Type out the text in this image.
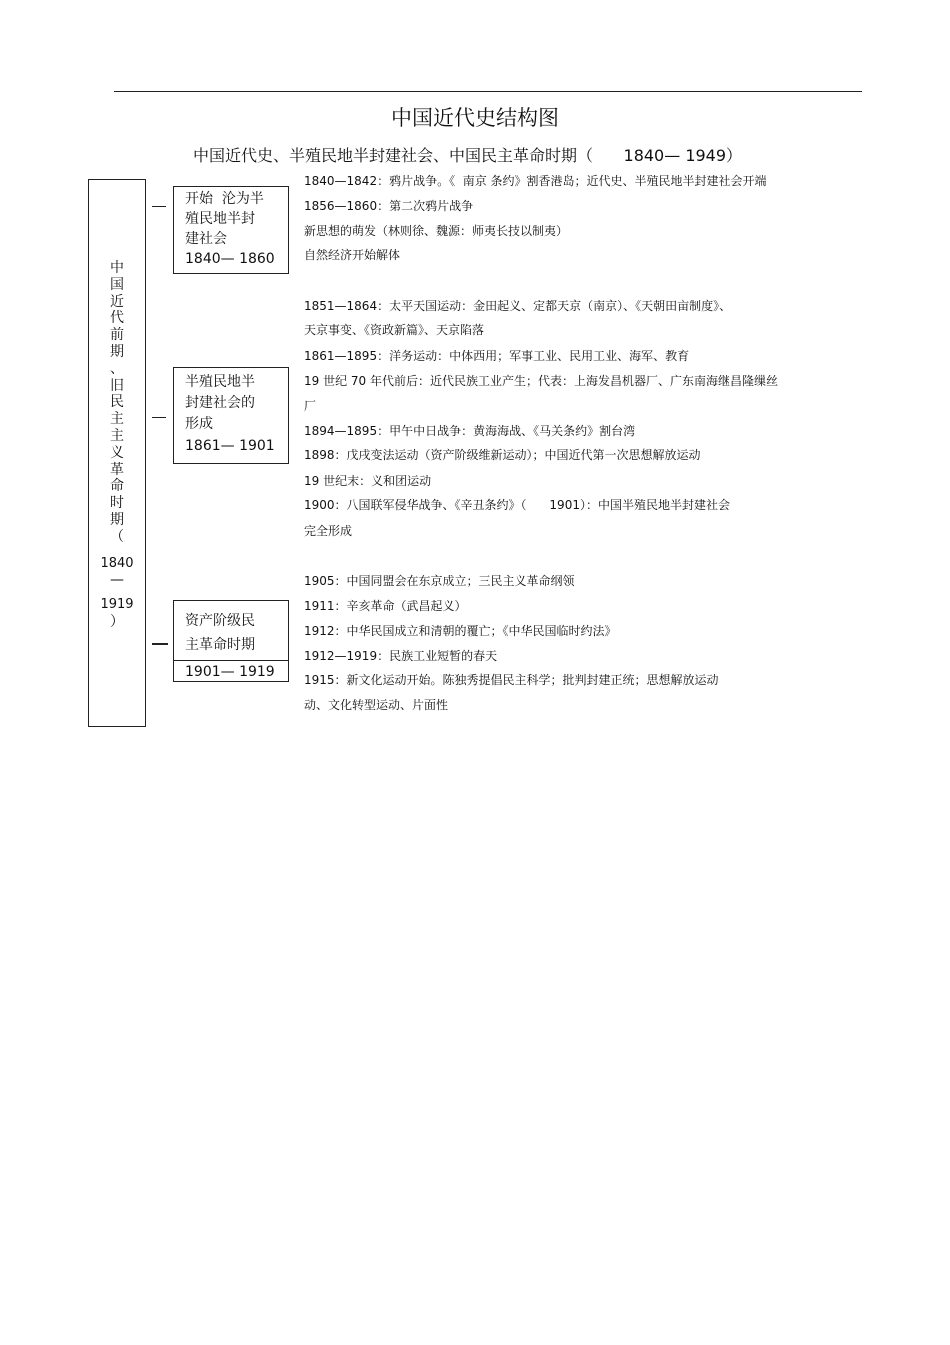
中国近代史结构图
中国近代史、半殖民地半封建社会、中国民主革命时期（      1840— 1949）
中
国
近
代
前
期
、
旧
民
主
主
义
革
命
时
期
（
1840
—
1919
）
开始  沦为半
殖民地半封
建社会
1840— 1860
半殖民地半
封建社会的
形成
1861— 1901
资产阶级民
主革命时期
1901— 1919
1840—1842：鸦片战争。《  南京 条约》割香港岛；近代史、半殖民地半封建社会开端
1856—1860：第二次鸦片战争
新思想的萌发（林则徐、魏源：师夷长技以制夷）
自然经济开始解体
1851—1864：太平天国运动：金田起义、定都天京（南京）、《天朝田亩制度》、
天京事变、《资政新篇》、天京陷落
1861—1895：洋务运动：中体西用；军事工业、民用工业、海军、教育
19 世纪 70 年代前后：近代民族工业产生；代表：上海发昌机器厂、广东南海继昌隆缫丝
厂
1894—1895：甲午中日战争：黄海海战、《马关条约》割台湾
1898：戊戌变法运动（资产阶级维新运动）；中国近代第一次思想解放运动
19 世纪末：义和团运动
1900：八国联军侵华战争、《辛丑条约》（      1901）：中国半殖民地半封建社会
完全形成
1905：中国同盟会在东京成立；三民主义革命纲领
1911：辛亥革命（武昌起义）
1912：中华民国成立和清朝的覆亡；《中华民国临时约法》
1912—1919：民族工业短暂的春天
1915：新文化运动开始。陈独秀提倡民主科学；批判封建正统；思想解放运动
动、文化转型运动、片面性
